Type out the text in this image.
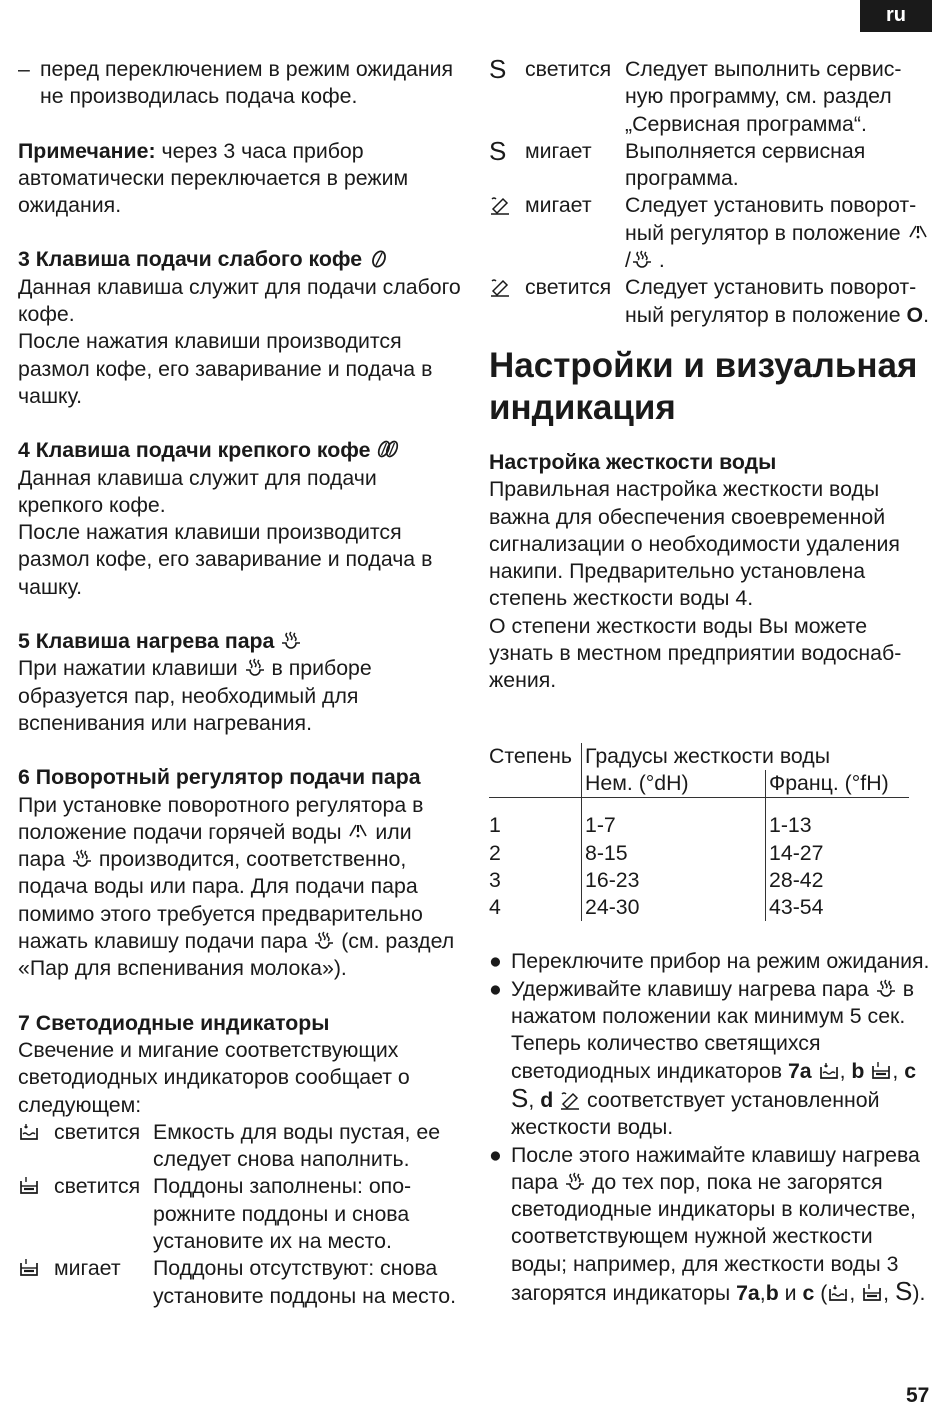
ru
– перед переключением в режим ожидания не производилась подача кофе.

Примечание: через 3 часа прибор автоматически переключается в режим ожидания.

3 Клавиша подачи слабого кофе

Данная клавиша служит для подачи слабого кофе.

После нажатия клавиши производится размол кофе, его заваривание и подача в чашку.

4 Клавиша подачи крепкого кофе

Данная клавиша служит для подачи крепкого кофе.

После нажатия клавиши производится размол кофе, его заваривание и подача в чашку.

5 Клавиша нагрева пара

При нажатии клавиши
в приборе образуется пар, необходимый для вспенивания или нагревания.

6 Поворотный регулятор подачи пара

При установке поворотного регулятора в положение подачи горячей воды
или пара
производится, соответственно, подача воды или пара. Для подачи пара помимо этого требуется предварительно нажать клавишу подачи пара
(см. раздел «Пар для вспенивания молока»).

7 Светодиодные индикаторы

Свечение и мигание соответствующих светодиодных индикаторов сообщает о следующем:

светится Емкость для воды пустая, ее следует снова наполнить.
светится Поддоны заполнены: опо-рожните поддоны и снова установите их на место.
мигает	Поддоны отсутствуют: снова установите поддоны на место.
S светится Следует выполнить сервис-ную программу, см. раздел „Сервисная программа“.
S мигает	Выполняется сервисная программа.
мигает	Следует установить поворот-ный регулятор в положение
/
.
светится Следует установить поворот-ный регулятор в положение O.
Настройки и визуальная индикация

Настройка жесткости воды

Правильная настройка жесткости воды важна для обеспечения своевременной сигнализации о необходимости удаления накипи. Предварительно установлена степень жесткости воды 4.

О степени жесткости воды Вы можете узнать в местном предприятии водоснаб-жения.

Степень	Градусы жесткости воды	
	Нем. (°dH)	Франц. (°fH)

1	1-7	1-13
2	8-15	14-27
3	16-23	28-42
4	24-30	43-54
● Переключите прибор на режим ожидания.

● Удерживайте клавишу нагрева пара
в нажатом положении как минимум 5 сек. Теперь количество светящихся светодиодных индикаторов 7a , b , c S, d
соответствует установленной жесткости воды.

● После этого нажимайте клавишу нагрева пара
до тех пор, пока не загорятся светодиодные индикаторы в количестве, соответствующем нужной жесткости воды; например, для жесткости воды 3 загорятся индикаторы 7a,b и c ( ,
, S).

57
